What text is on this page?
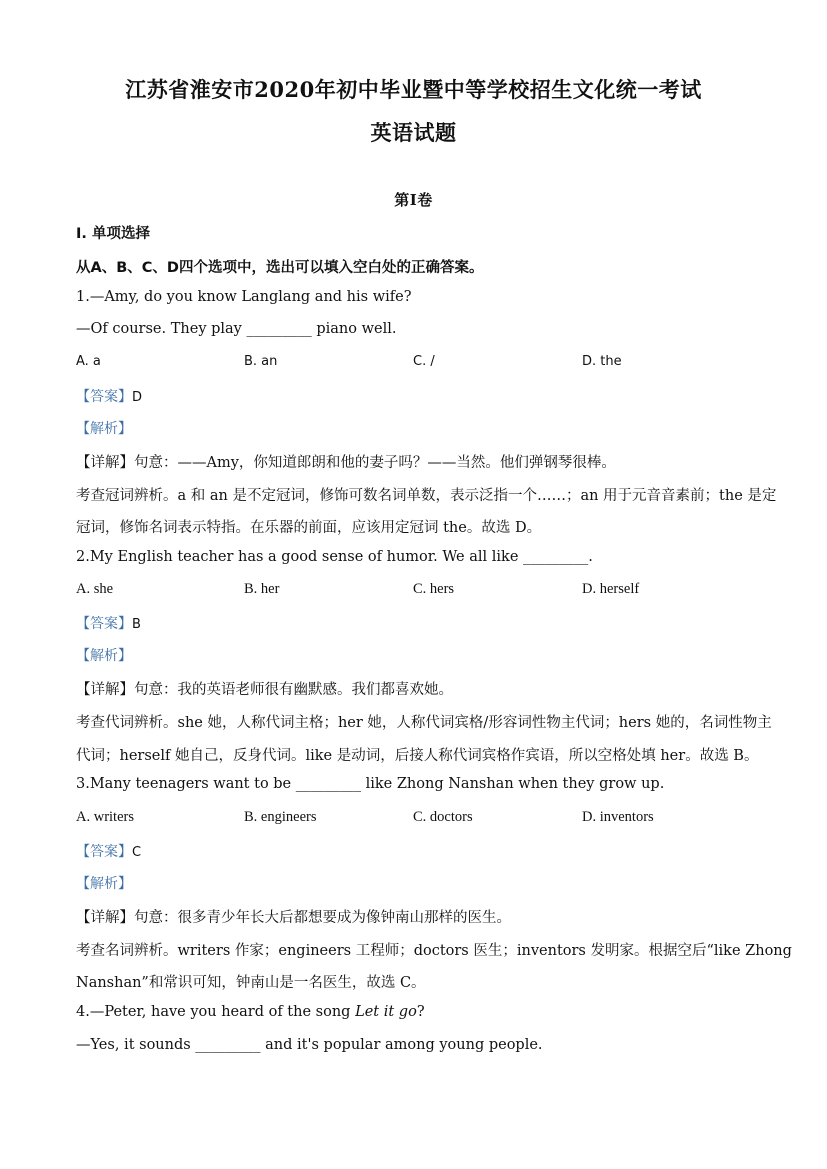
江苏省淮安市2020年初中毕业暨中等学校招生文化统一考试
英语试题
第I卷
I. 单项选择
从A、B、C、D四个选项中，选出可以填入空白处的正确答案。
1.—Amy, do you know Langlang and his wife?
—Of course. They play _________ piano well.
A. a	B. an	C. /	D. the
【答案】D
【解析】
【详解】句意：——Amy，你知道郎朗和他的妻子吗？——当然。他们弹钢琴很棒。
考查冠词辨析。a 和 an 是不定冠词，修饰可数名词单数，表示泛指一个……；an 用于元音音素前；the 是定
冠词，修饰名词表示特指。在乐器的前面，应该用定冠词 the。故选 D。
2.My English teacher has a good sense of humor. We all like _________.
A. she	B. her	C. hers	D. herself
【答案】B
【解析】
【详解】句意：我的英语老师很有幽默感。我们都喜欢她。
考查代词辨析。she 她，人称代词主格；her 她，人称代词宾格/形容词性物主代词；hers 她的，名词性物主
代词；herself 她自己，反身代词。like 是动词，后接人称代词宾格作宾语，所以空格处填 her。故选 B。
3.Many teenagers want to be _________ like Zhong Nanshan when they grow up.
A. writers	B. engineers	C. doctors	D. inventors
【答案】C
【解析】
【详解】句意：很多青少年长大后都想要成为像钟南山那样的医生。
考查名词辨析。writers 作家；engineers 工程师；doctors 医生；inventors 发明家。根据空后“like Zhong
Nanshan”和常识可知，钟南山是一名医生，故选 C。
4.—Peter, have you heard of the song Let it go?
—Yes, it sounds _________ and it's popular among young people.
